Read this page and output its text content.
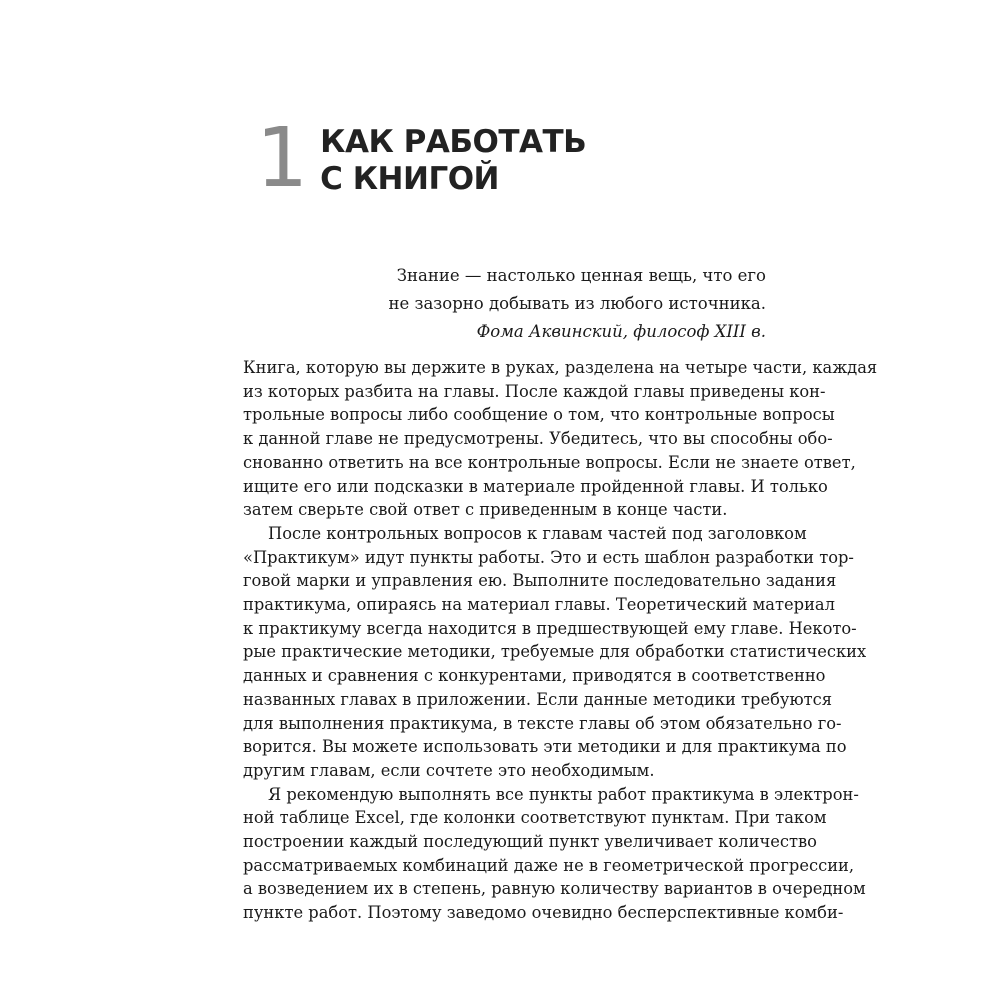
1 КАК РАБОТАТЬ
С КНИГОЙ
Знание — настолько ценная вещь, что его
не зазорно добывать из любого источника.
Фома Аквинский, философ XIII в.
Книга, которую вы держите в руках, разделена на четыре части, каждая
из которых разбита на главы. После каждой главы приведены кон-
трольные вопросы либо сообщение о том, что контрольные вопросы
к данной главе не предусмотрены. Убедитесь, что вы способны обо-
снованно ответить на все контрольные вопросы. Если не знаете ответ,
ищите его или подсказки в материале пройденной главы. И только
затем сверьте свой ответ с приведенным в конце части.
После контрольных вопросов к главам частей под заголовком
«Практикум» идут пункты работы. Это и есть шаблон разработки тор-
говой марки и управления ею. Выполните последовательно задания
практикума, опираясь на материал главы. Теоретический материал
к практикуму всегда находится в предшествующей ему главе. Некото-
рые практические методики, требуемые для обработки статистических
данных и сравнения с конкурентами, приводятся в соответственно
названных главах в приложении. Если данные методики требуются
для выполнения практикума, в тексте главы об этом обязательно го-
ворится. Вы можете использовать эти методики и для практикума по
другим главам, если сочтете это необходимым.
Я рекомендую выполнять все пункты работ практикума в электрон-
ной таблице Excel, где колонки соответствуют пунктам. При таком
построении каждый последующий пункт увеличивает количество
рассматриваемых комбинаций даже не в геометрической прогрессии,
а возведением их в степень, равную количеству вариантов в очередном
пункте работ. Поэтому заведомо очевидно бесперспективные комби-
